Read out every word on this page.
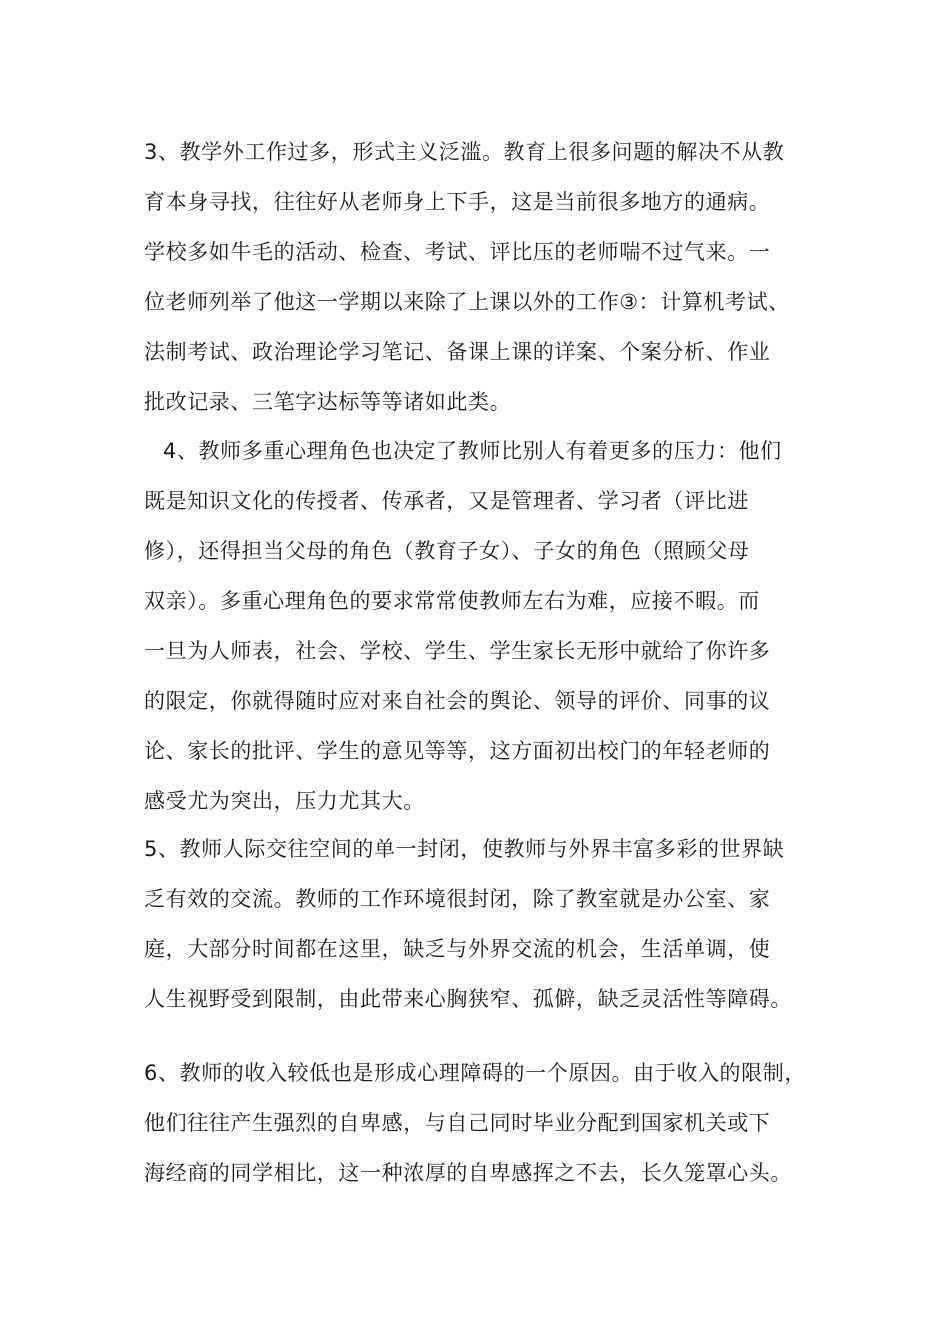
3、教学外工作过多，形式主义泛滥。教育上很多问题的解决不从教
育本身寻找，往往好从老师身上下手，这是当前很多地方的通病。
学校多如牛毛的活动、检查、考试、评比压的老师喘不过气来。一
位老师列举了他这一学期以来除了上课以外的工作③：计算机考试、
法制考试、政治理论学习笔记、备课上课的详案、个案分析、作业
批改记录、三笔字达标等等诸如此类。
4、教师多重心理角色也决定了教师比别人有着更多的压力：他们
既是知识文化的传授者、传承者，又是管理者、学习者（评比进
修），还得担当父母的角色（教育子女）、子女的角色（照顾父母
双亲）。多重心理角色的要求常常使教师左右为难，应接不暇。而
一旦为人师表，社会、学校、学生、学生家长无形中就给了你许多
的限定，你就得随时应对来自社会的舆论、领导的评价、同事的议
论、家长的批评、学生的意见等等，这方面初出校门的年轻老师的
感受尤为突出，压力尤其大。
5、教师人际交往空间的单一封闭，使教师与外界丰富多彩的世界缺
乏有效的交流。教师的工作环境很封闭，除了教室就是办公室、家
庭，大部分时间都在这里，缺乏与外界交流的机会，生活单调，使
人生视野受到限制，由此带来心胸狭窄、孤僻，缺乏灵活性等障碍。
6、教师的收入较低也是形成心理障碍的一个原因。由于收入的限制，
他们往往产生强烈的自卑感，与自己同时毕业分配到国家机关或下
海经商的同学相比，这一种浓厚的自卑感挥之不去，长久笼罩心头。
